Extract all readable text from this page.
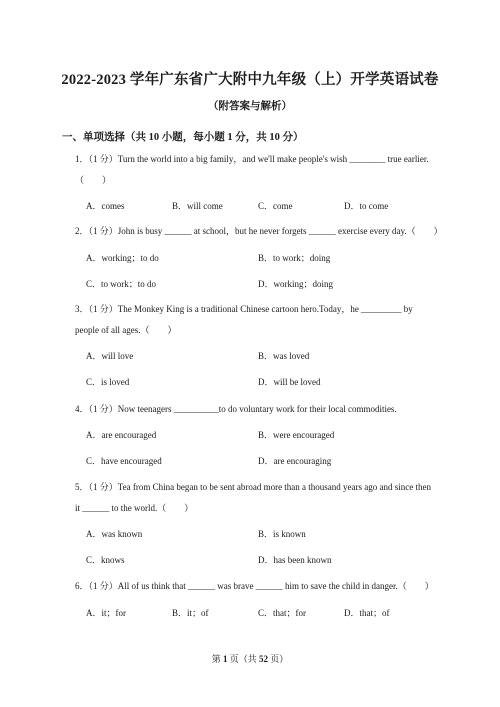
2022-2023 学年广东省广大附中九年级（上）开学英语试卷
（附答案与解析）
一、单项选择（共 10 小题，每小题 1 分，共 10 分）
1．（1 分）Turn the world into a big family，and we'll make people's wish ________ true earlier.
（　　）
A．comes	B．will come	C．come	D．to come
2．（1 分）John is busy ______ at school，but he never forgets ______ exercise every day.（　　）
A．working；to do	B．to work；doing
C．to work；to do	D．working；doing
3．（1 分）The Monkey King is a traditional Chinese cartoon hero.Today，he _________ by
people of all ages.（　　）
A．will love	B．was loved
C．is loved	D．will be loved
4．（1 分）Now teenagers __________to do voluntary work for their local commodities.
A．are encouraged	B．were encouraged
C．have encouraged	D．are encouraging
5．（1 分）Tea from China began to be sent abroad more than a thousand years ago and since then
it ______ to the world.（　　）
A．was known	B．is known
C．knows	D．has been known
6．（1 分）All of us think that ______ was brave ______ him to save the child in danger.（　　）
A．it；for	B．it；of	C．that；for	D．that；of
第 1 页（共 52 页）
